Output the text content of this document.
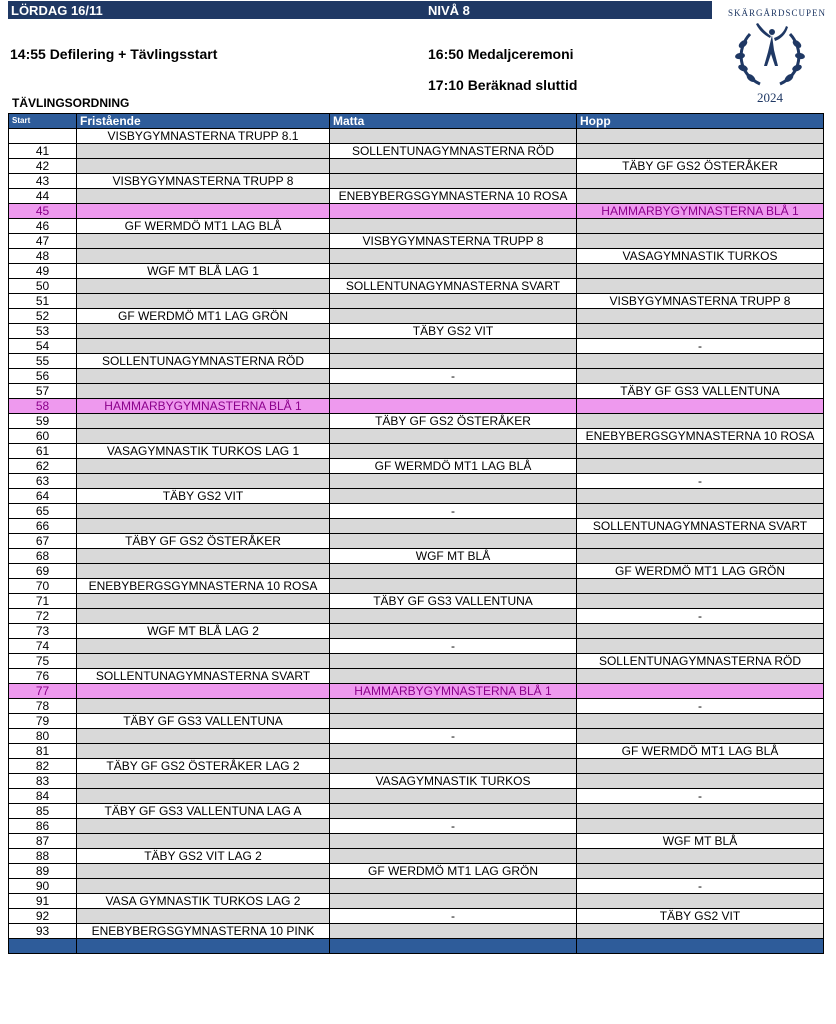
LÖRDAG 16/11	NIVÅ 8
14:55 Defilering + Tävlingsstart	16:50 Medaljceremoni
17:10 Beräknad sluttid
TÄVLINGSORDNING
SKÄRGÅRDSCUPEN
2024
Start	Fristående	Matta	Hopp
	VISBYGYMNASTERNA TRUPP 8.1		
41		SOLLENTUNAGYMNASTERNA RÖD	
42			TÄBY GF GS2 ÖSTERÅKER
43	VISBYGYMNASTERNA TRUPP 8		
44		ENEBYBERGSGYMNASTERNA 10 ROSA	
45			HAMMARBYGYMNASTERNA BLÅ 1
46	GF WERMDÖ MT1 LAG BLÅ		
47		VISBYGYMNASTERNA TRUPP 8	
48			VASAGYMNASTIK TURKOS
49	WGF MT BLÅ LAG 1		
50		SOLLENTUNAGYMNASTERNA SVART	
51			VISBYGYMNASTERNA TRUPP 8
52	GF WERDMÖ MT1 LAG GRÖN		
53		TÄBY GS2 VIT	
54			-
55	SOLLENTUNAGYMNASTERNA RÖD		
56		-	
57			TÄBY GF GS3 VALLENTUNA
58	HAMMARBYGYMNASTERNA BLÅ 1		
59		TÄBY GF GS2 ÖSTERÅKER	
60			ENEBYBERGSGYMNASTERNA 10 ROSA
61	VASAGYMNASTIK TURKOS LAG 1		
62		GF WERMDÖ MT1 LAG BLÅ	
63			-
64	TÄBY GS2 VIT		
65		-	
66			SOLLENTUNAGYMNASTERNA SVART
67	TÄBY GF GS2 ÖSTERÅKER		
68		WGF MT BLÅ	
69			GF WERDMÖ MT1 LAG GRÖN
70	ENEBYBERGSGYMNASTERNA 10 ROSA		
71		TÄBY GF GS3 VALLENTUNA	
72			-
73	WGF MT BLÅ LAG 2		
74		-	
75			SOLLENTUNAGYMNASTERNA RÖD
76	SOLLENTUNAGYMNASTERNA SVART		
77		HAMMARBYGYMNASTERNA BLÅ 1	
78			-
79	TÄBY GF GS3 VALLENTUNA		
80		-	
81			GF WERMDÖ MT1 LAG BLÅ
82	TÄBY GF GS2 ÖSTERÅKER LAG 2		
83		VASAGYMNASTIK TURKOS	
84			-
85	TÄBY GF GS3 VALLENTUNA LAG A		
86		-	
87			WGF MT BLÅ
88	TÄBY GS2 VIT LAG 2		
89		GF WERDMÖ MT1 LAG GRÖN	
90			-
91	VASA GYMNASTIK TURKOS LAG 2		
92		-	TÄBY GS2 VIT
93	ENEBYBERGSGYMNASTERNA 10 PINK		
